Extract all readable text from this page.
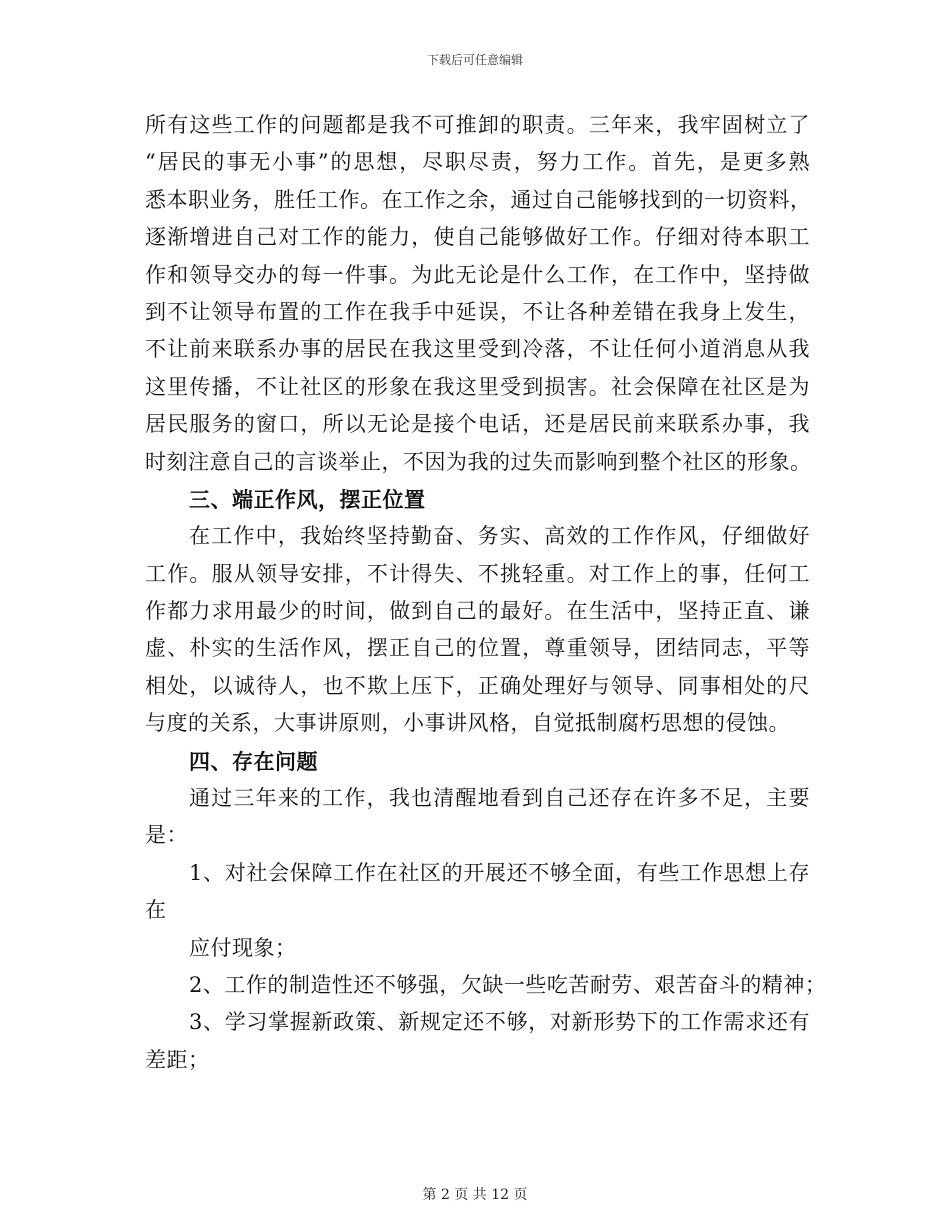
下载后可任意编辑
所有这些工作的问题都是我不可推卸的职责。三年来，我牢固树立了
“居民的事无小事”的思想，尽职尽责，努力工作。首先，是更多熟
悉本职业务，胜任工作。在工作之余，通过自己能够找到的一切资料，
逐渐增进自己对工作的能力，使自己能够做好工作。仔细对待本职工
作和领导交办的每一件事。为此无论是什么工作，在工作中，坚持做
到不让领导布置的工作在我手中延误，不让各种差错在我身上发生，
不让前来联系办事的居民在我这里受到冷落，不让任何小道消息从我
这里传播，不让社区的形象在我这里受到损害。社会保障在社区是为
居民服务的窗口，所以无论是接个电话，还是居民前来联系办事，我
时刻注意自己的言谈举止，不因为我的过失而影响到整个社区的形象。
三、端正作风，摆正位置
在工作中，我始终坚持勤奋、务实、高效的工作作风，仔细做好
工作。服从领导安排，不计得失、不挑轻重。对工作上的事，任何工
作都力求用最少的时间，做到自己的最好。在生活中，坚持正直、谦
虚、朴实的生活作风，摆正自己的位置，尊重领导，团结同志，平等
相处，以诚待人，也不欺上压下，正确处理好与领导、同事相处的尺
与度的关系，大事讲原则，小事讲风格，自觉抵制腐朽思想的侵蚀。
四、存在问题
通过三年来的工作，我也清醒地看到自己还存在许多不足，主要
是：
1、对社会保障工作在社区的开展还不够全面，有些工作思想上存
在
应付现象；
2、工作的制造性还不够强，欠缺一些吃苦耐劳、艰苦奋斗的精神；
3、学习掌握新政策、新规定还不够，对新形势下的工作需求还有
差距；
第 2 页 共 12 页
